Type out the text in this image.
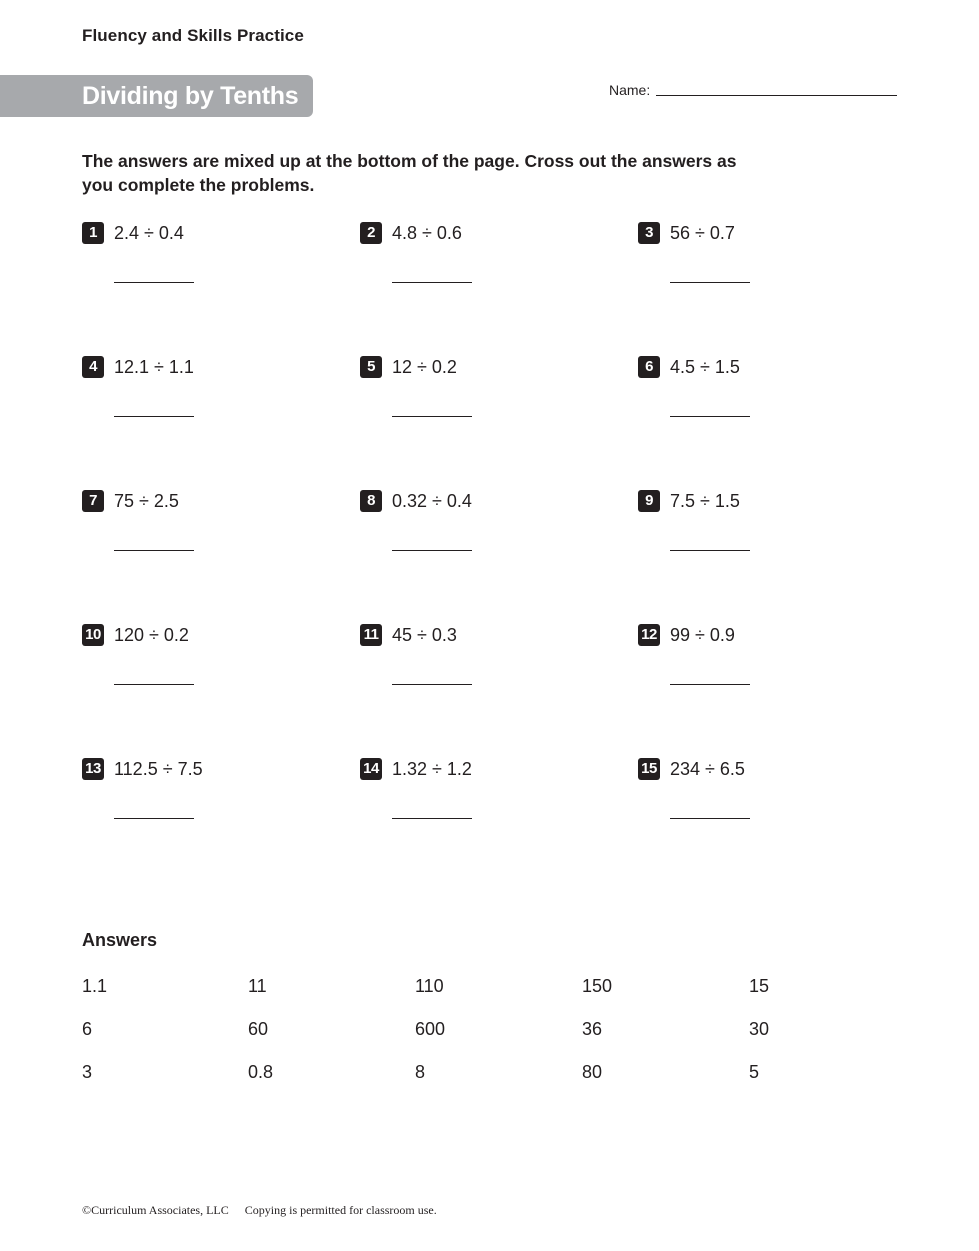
Fluency and Skills Practice
Dividing by Tenths	Name:
The answers are mixed up at the bottom of the page. Cross out the answers as you complete the problems.
1 2.4 ÷ 0.4	2 4.8 ÷ 0.6	3 56 ÷ 0.7
4 12.1 ÷ 1.1	5 12 ÷ 0.2	6 4.5 ÷ 1.5
7 75 ÷ 2.5	8 0.32 ÷ 0.4	9 7.5 ÷ 1.5
10 120 ÷ 0.2	11 45 ÷ 0.3	12 99 ÷ 0.9
13 112.5 ÷ 7.5	14 1.32 ÷ 1.2	15 234 ÷ 6.5
Answers
1.1	11	110	150	15
6	60	600	36	30
3	0.8	8	80	5
©Curriculum Associates, LLC Copying is permitted for classroom use.
